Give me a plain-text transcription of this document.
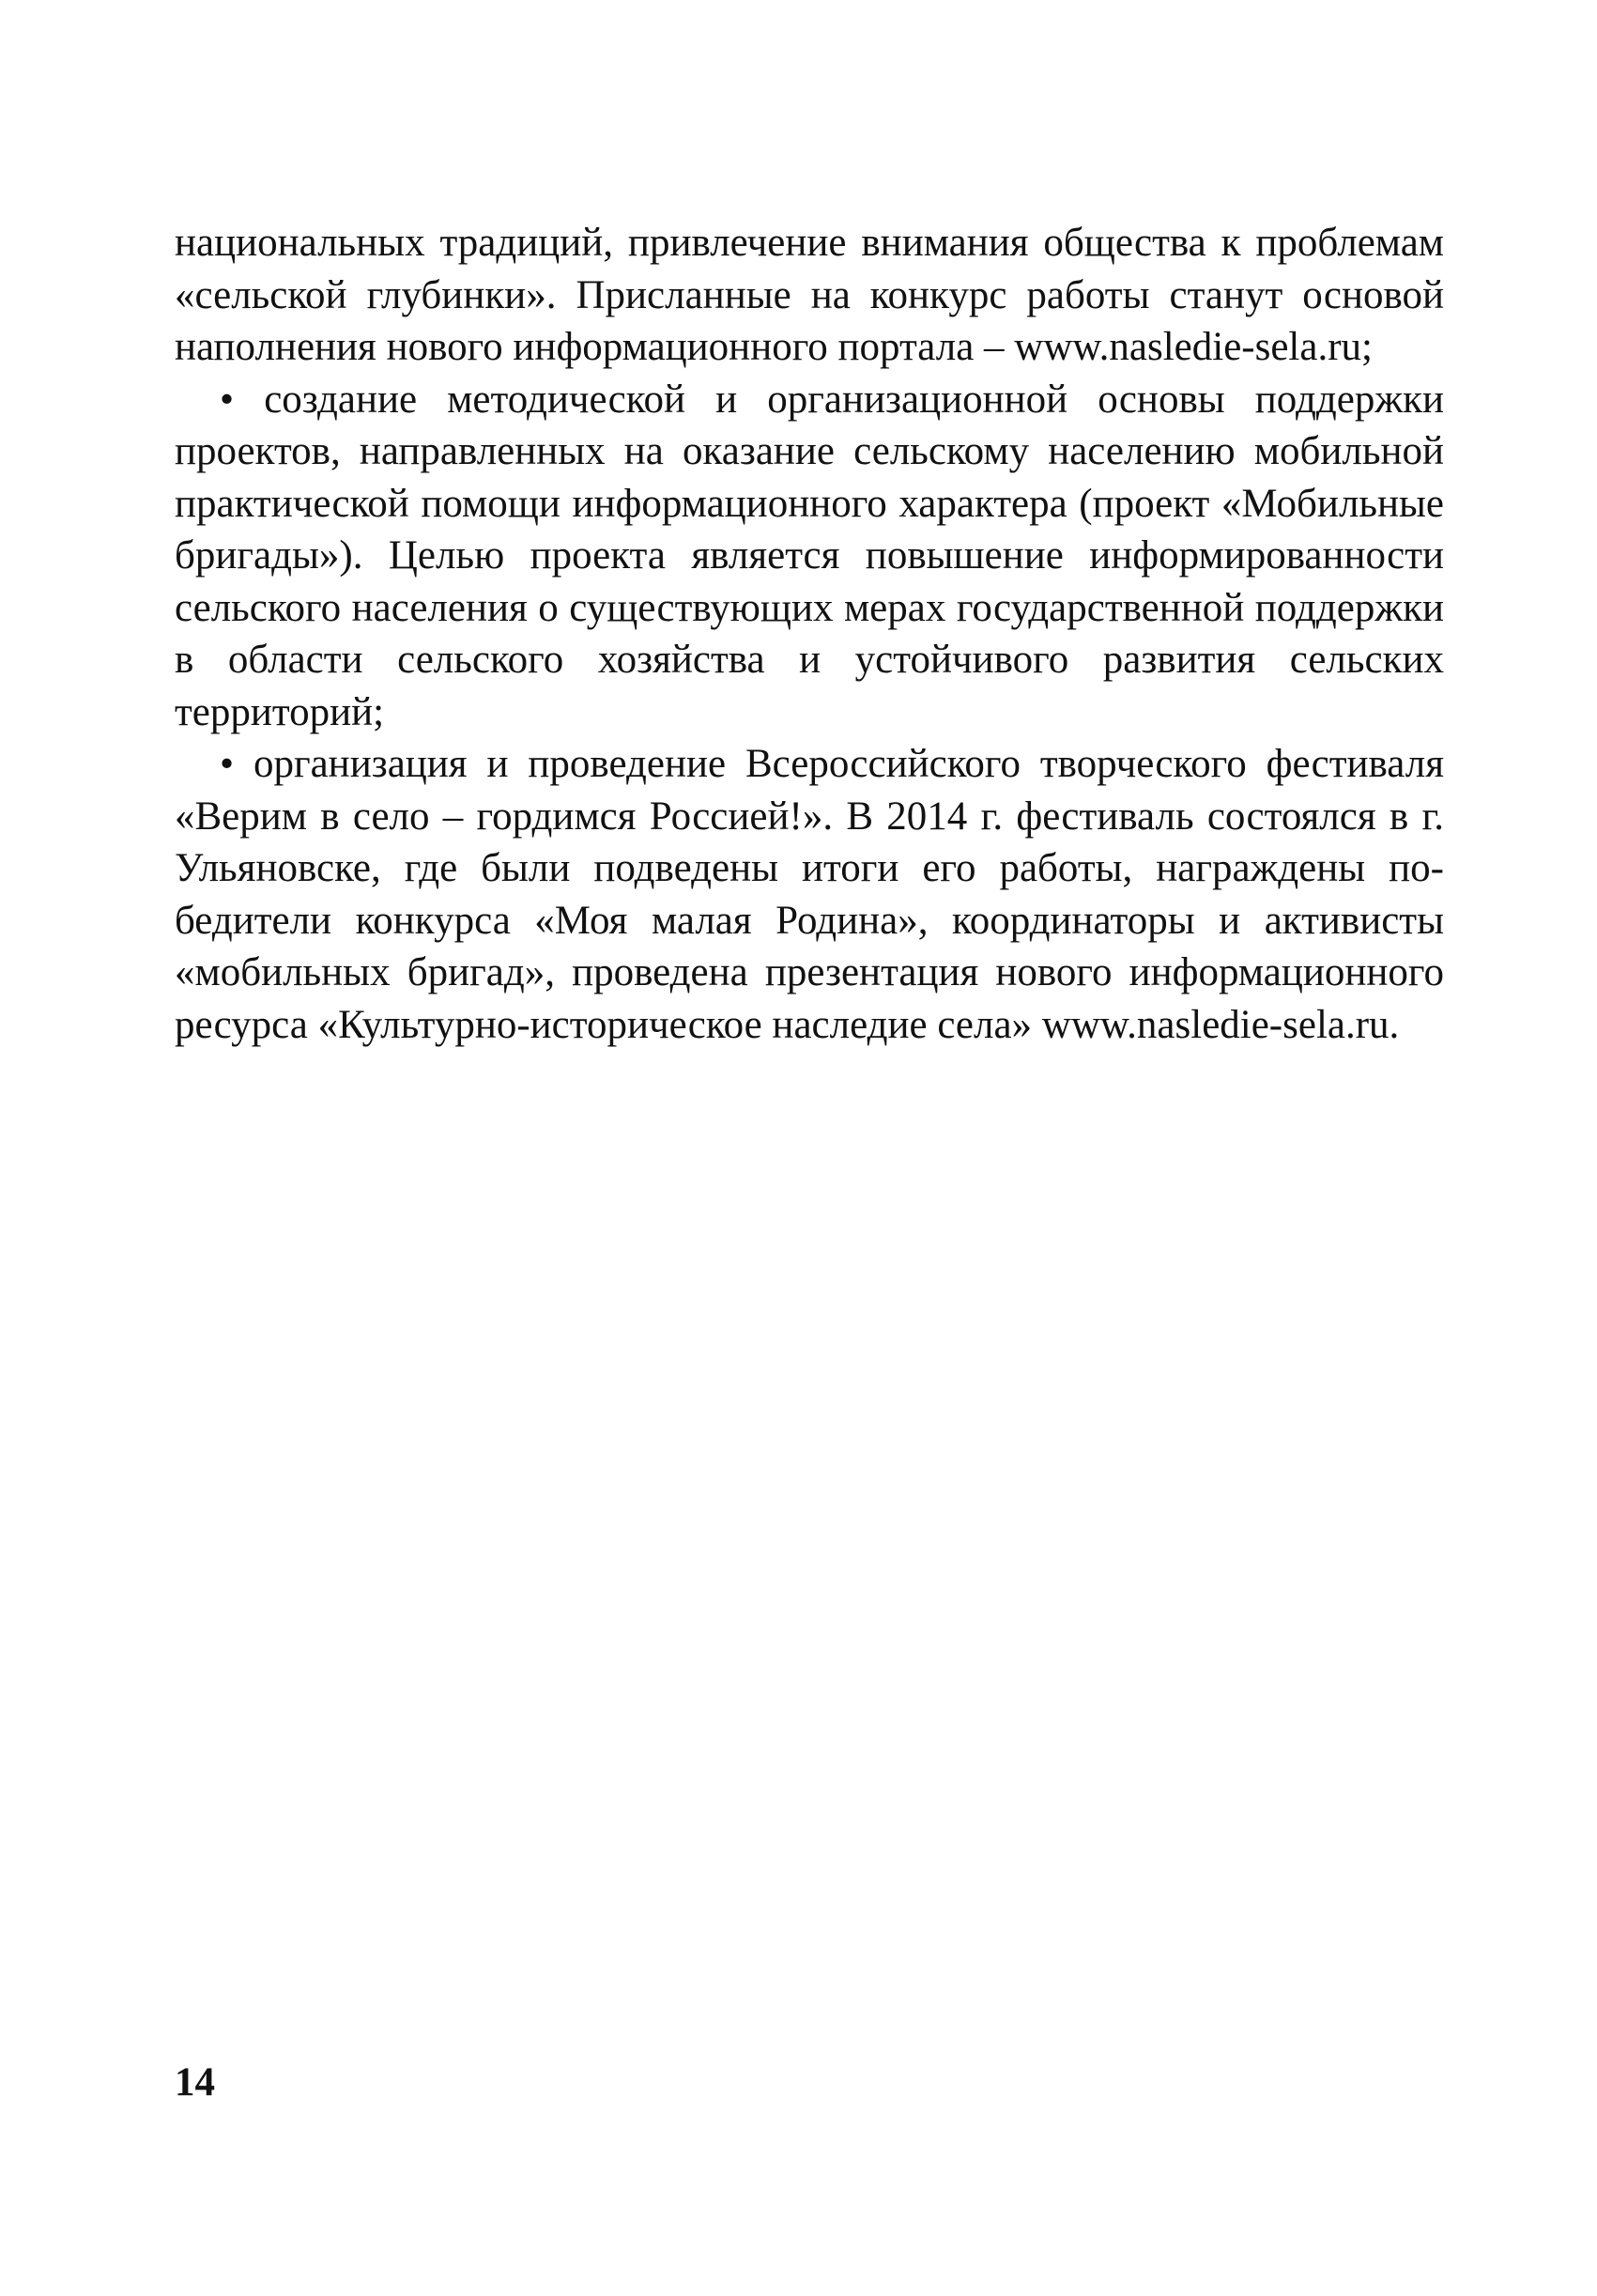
национальных традиций, привлечение внимания общества к проблемам «сельской глубинки». Присланные на конкурс работы станут основой наполнения нового информационного портала – www.nasledie-sela.ru;

• создание методической и организационной основы поддержки проектов, направленных на оказание сельскому населению мобильной практической помощи информационного характера (проект «Мобильные бригады»). Целью проекта является повышение информированности сельского населения о существующих мерах государственной поддержки в области сельского хозяйства и устойчивого развития сельских территорий;

• организация и проведение Всероссийского творческого фестиваля «Верим в село – гордимся Россией!». В 2014 г. фестиваль состоялся в г. Ульяновске, где были подведены итоги его работы, награждены победители конкурса «Моя малая Родина», координаторы и активисты «мобильных бригад», проведена презентация нового информационного ресурса «Культурно-историческое наследие села» www.nasledie-sela.ru.

14
